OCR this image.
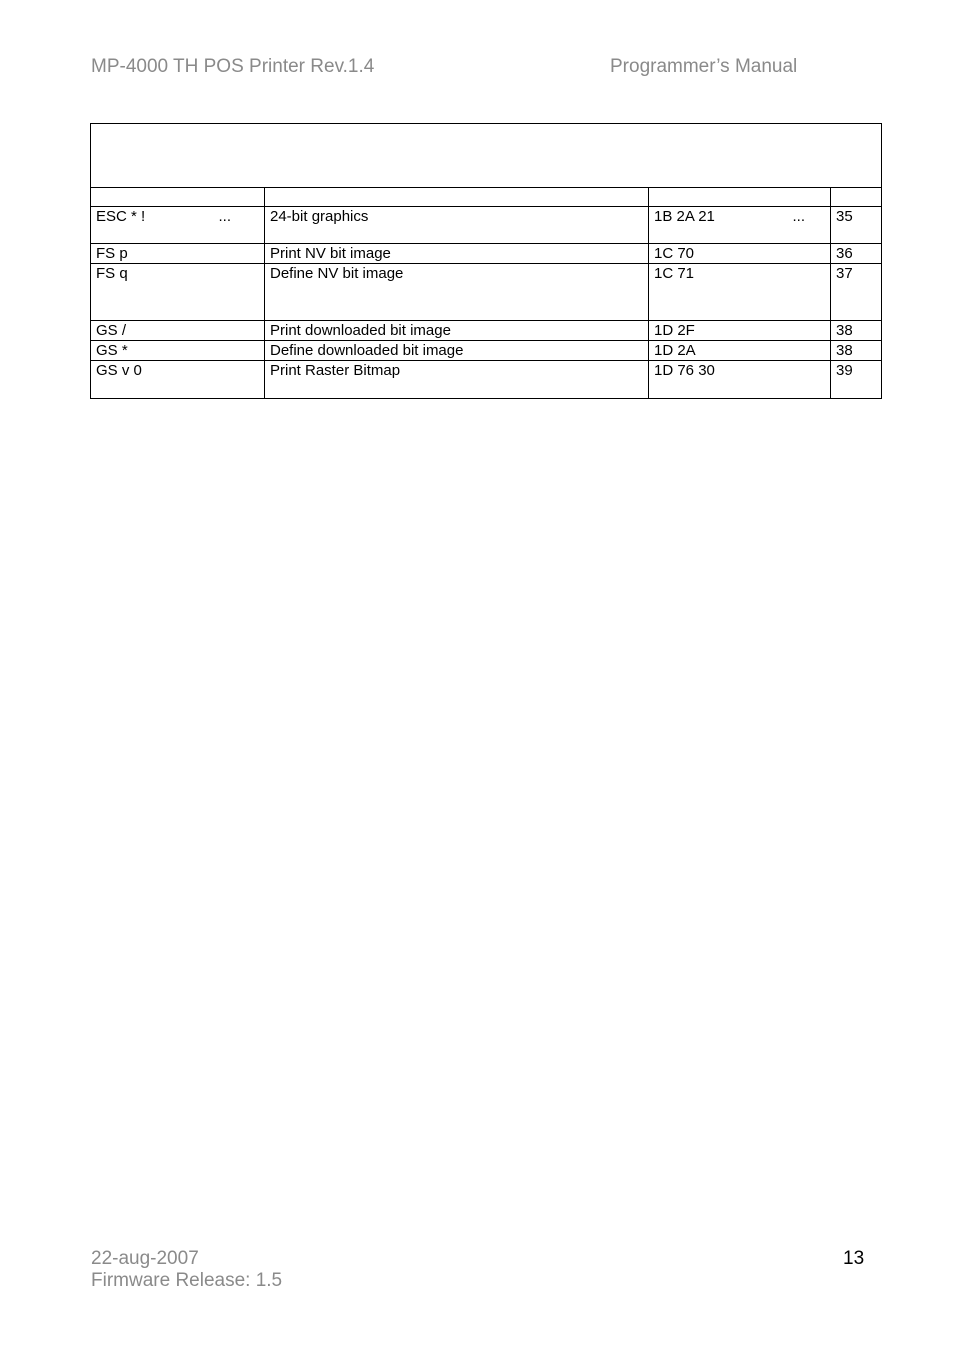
MP-4000 TH POS Printer Rev.1.4	Programmer’s Manual

ESC * ! ...	24-bit graphics	1B 2A 21 ...	35
FS p	Print NV bit image	1C 70	36
FS q	Define NV bit image	1C 71	37
GS /	Print downloaded bit image	1D 2F	38
GS *	Define downloaded bit image	1D 2A	38
GS v 0	Print Raster Bitmap	1D 76 30	39
22-aug-2007
Firmware Release: 1.5
13
